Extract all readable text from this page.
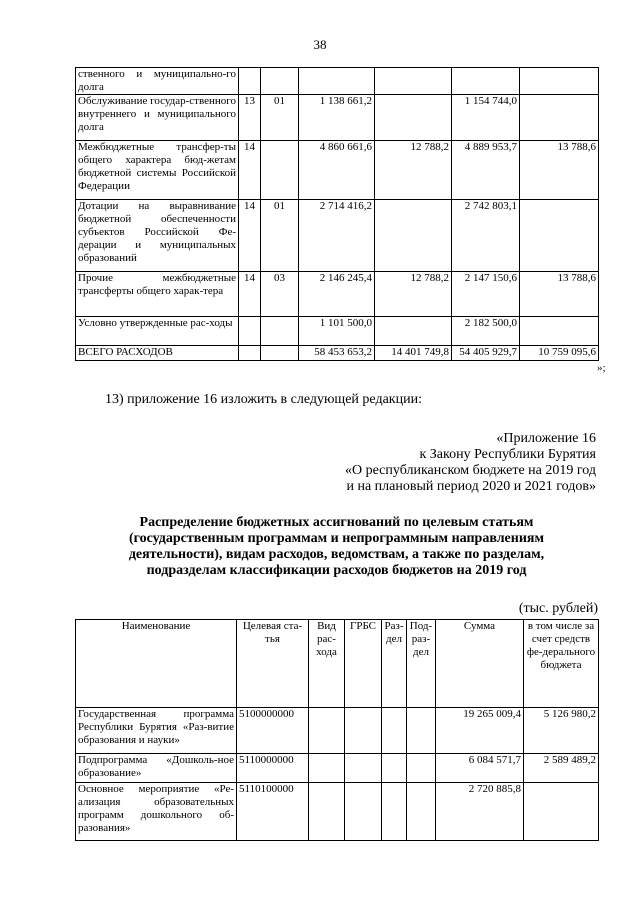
38
ственного и муниципально-го долга						
Обслуживание государ-ственного внутреннего и муниципального долга	13	01	1 138 661,2		1 154 744,0	
Межбюджетные трансфер-ты общего характера бюд-жетам бюджетной системы Российской Федерации	14		4 860 661,6	12 788,2	4 889 953,7	13 788,6
Дотации на выравнивание бюджетной обеспеченности субъектов Российской Фе-дерации и муниципальных образований	14	01	2 714 416,2		2 742 803,1	
Прочие межбюджетные трансферты общего харак-тера	14	03	2 146 245,4	12 788,2	2 147 150,6	13 788,6
Условно утвержденные рас-ходы			1 101 500,0		2 182 500,0	
ВСЕГО РАСХОДОВ			58 453 653,2	14 401 749,8	54 405 929,7	10 759 095,6
»;
13) приложение 16 изложить в следующей редакции:
«Приложение 16
к Закону Республики Бурятия
«О республиканском бюджете на 2019 год
и на плановый период 2020 и 2021 годов»
Распределение бюджетных ассигнований по целевым статьям
(государственным программам и непрограммным направлениям
деятельности), видам расходов, ведомствам, а также по разделам,
подразделам классификации расходов бюджетов на 2019 год
(тыс. рублей)
Наименование	Целевая ста-тья	Вид рас-хода	ГРБС	Раз-дел	Под-раз-дел	Сумма	в том числе за счет средств фе-дерального бюджета
Государственная программа Республики Бурятия «Раз-витие образования и науки»	5100000000					19 265 009,4	5 126 980,2
Подпрограмма «Дошколь-ное образование»	5110000000					6 084 571,7	2 589 489,2
Основное мероприятие «Ре-ализация образовательных программ дошкольного об-разования»	5110100000					2 720 885,8	
